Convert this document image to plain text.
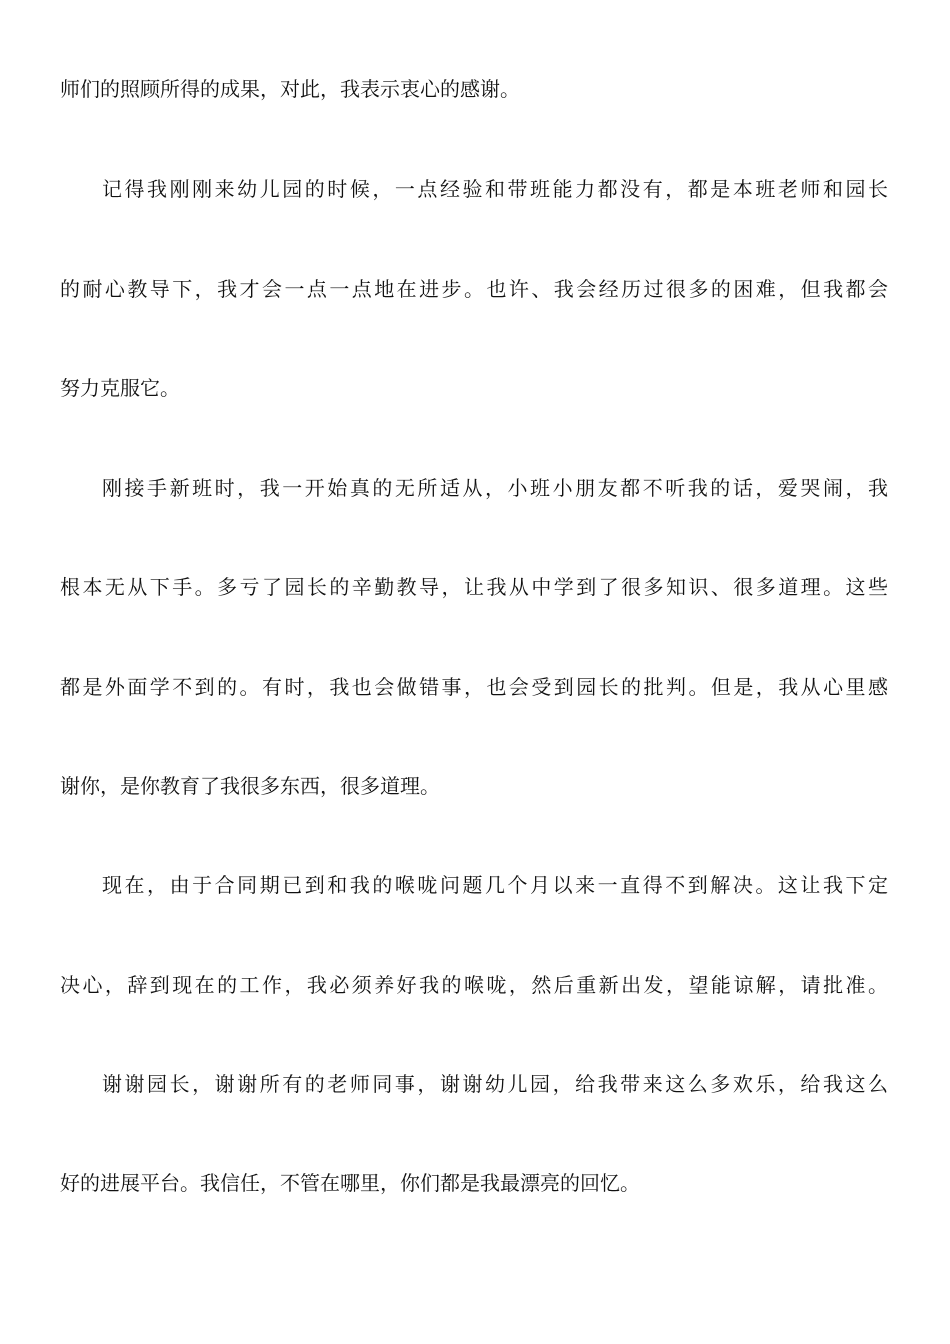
师们的照顾所得的成果，对此，我表示衷心的感谢。
记得我刚刚来幼儿园的时候，一点经验和带班能力都没有，都是本班老师和园长
的耐心教导下，我才会一点一点地在进步。也许、我会经历过很多的困难，但我都会
努力克服它。
刚接手新班时，我一开始真的无所适从，小班小朋友都不听我的话，爱哭闹，我
根本无从下手。多亏了园长的辛勤教导，让我从中学到了很多知识、很多道理。这些
都是外面学不到的。有时，我也会做错事，也会受到园长的批判。但是，我从心里感
谢你，是你教育了我很多东西，很多道理。
现在，由于合同期已到和我的喉咙问题几个月以来一直得不到解决。这让我下定
决心，辞到现在的工作，我必须养好我的喉咙，然后重新出发，望能谅解，请批准。
谢谢园长，谢谢所有的老师同事，谢谢幼儿园，给我带来这么多欢乐，给我这么
好的进展平台。我信任，不管在哪里，你们都是我最漂亮的回忆。
